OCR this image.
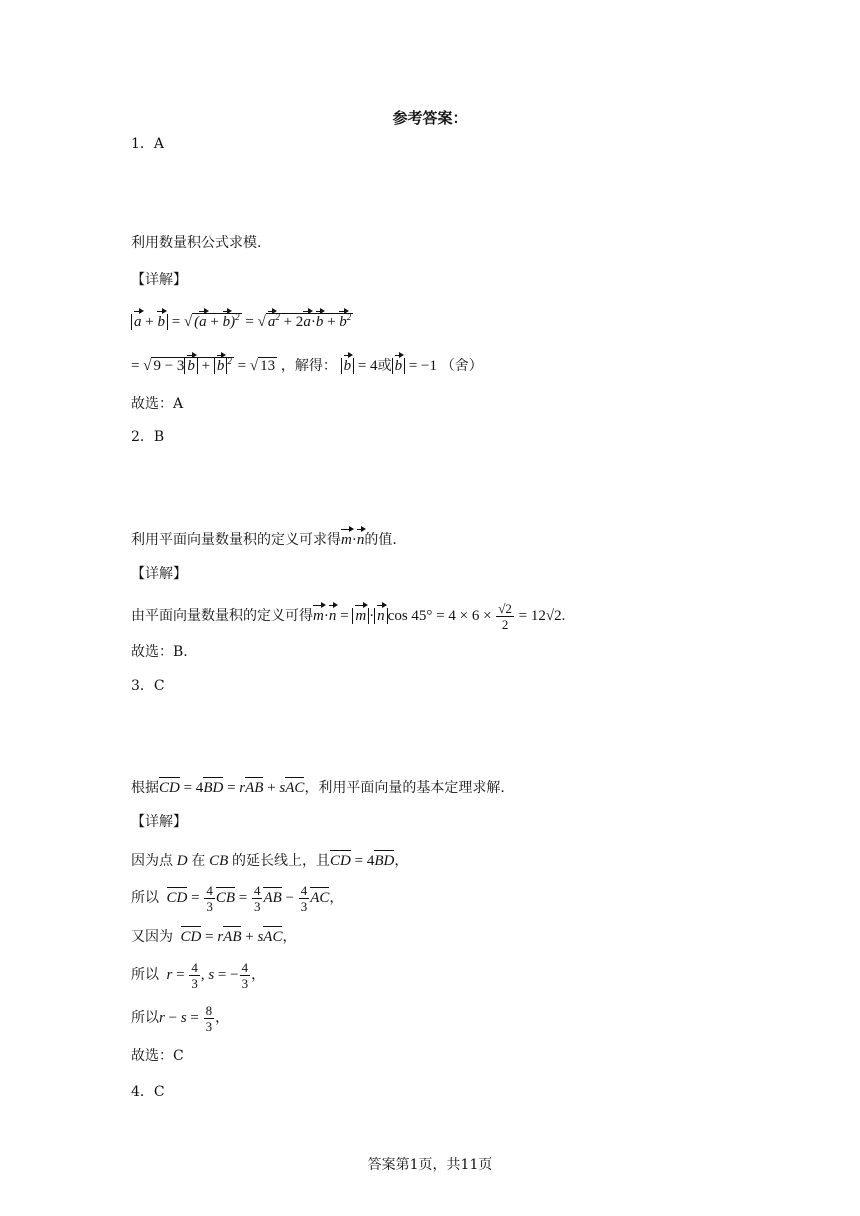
参考答案：
1．A
利用数量积公式求模.
【详解】
a + b = √ $(a + b)^2$ = √ $a^2 + 2a\cdot b + b^2$
= √ 9 − 3 b + b $^2$ = √ 13 ，解得： b = 4或 b = −1 （舍）
故选：A
2．B
利用平面向量数量积的定义可求得m·n的值.
【详解】
由平面向量数量积的定义可得m·n = m · n $\cos 45^\circ = 4 \times 6 \times \frac{√2}{2} = 12√2$.
故选：B.
3．C
根据CD = 4BD = rAB + sAC，利用平面向量的基本定理求解.
【详解】
因为点 D 在 CB 的延长线上，且CD = 4BD，
所以 CD = $\frac{4}{3}$ CB = $\frac{4}{3}$ AB − $\frac{4}{3}$ AC，
又因为 CD = rAB + sAC，
所以  $r = \frac{4}{3}$ , s = − $\frac{4}{3}$ ，
所以$r - s = \frac{8}{3}$ ，
故选：C
4．C
答案第1页，共11页
